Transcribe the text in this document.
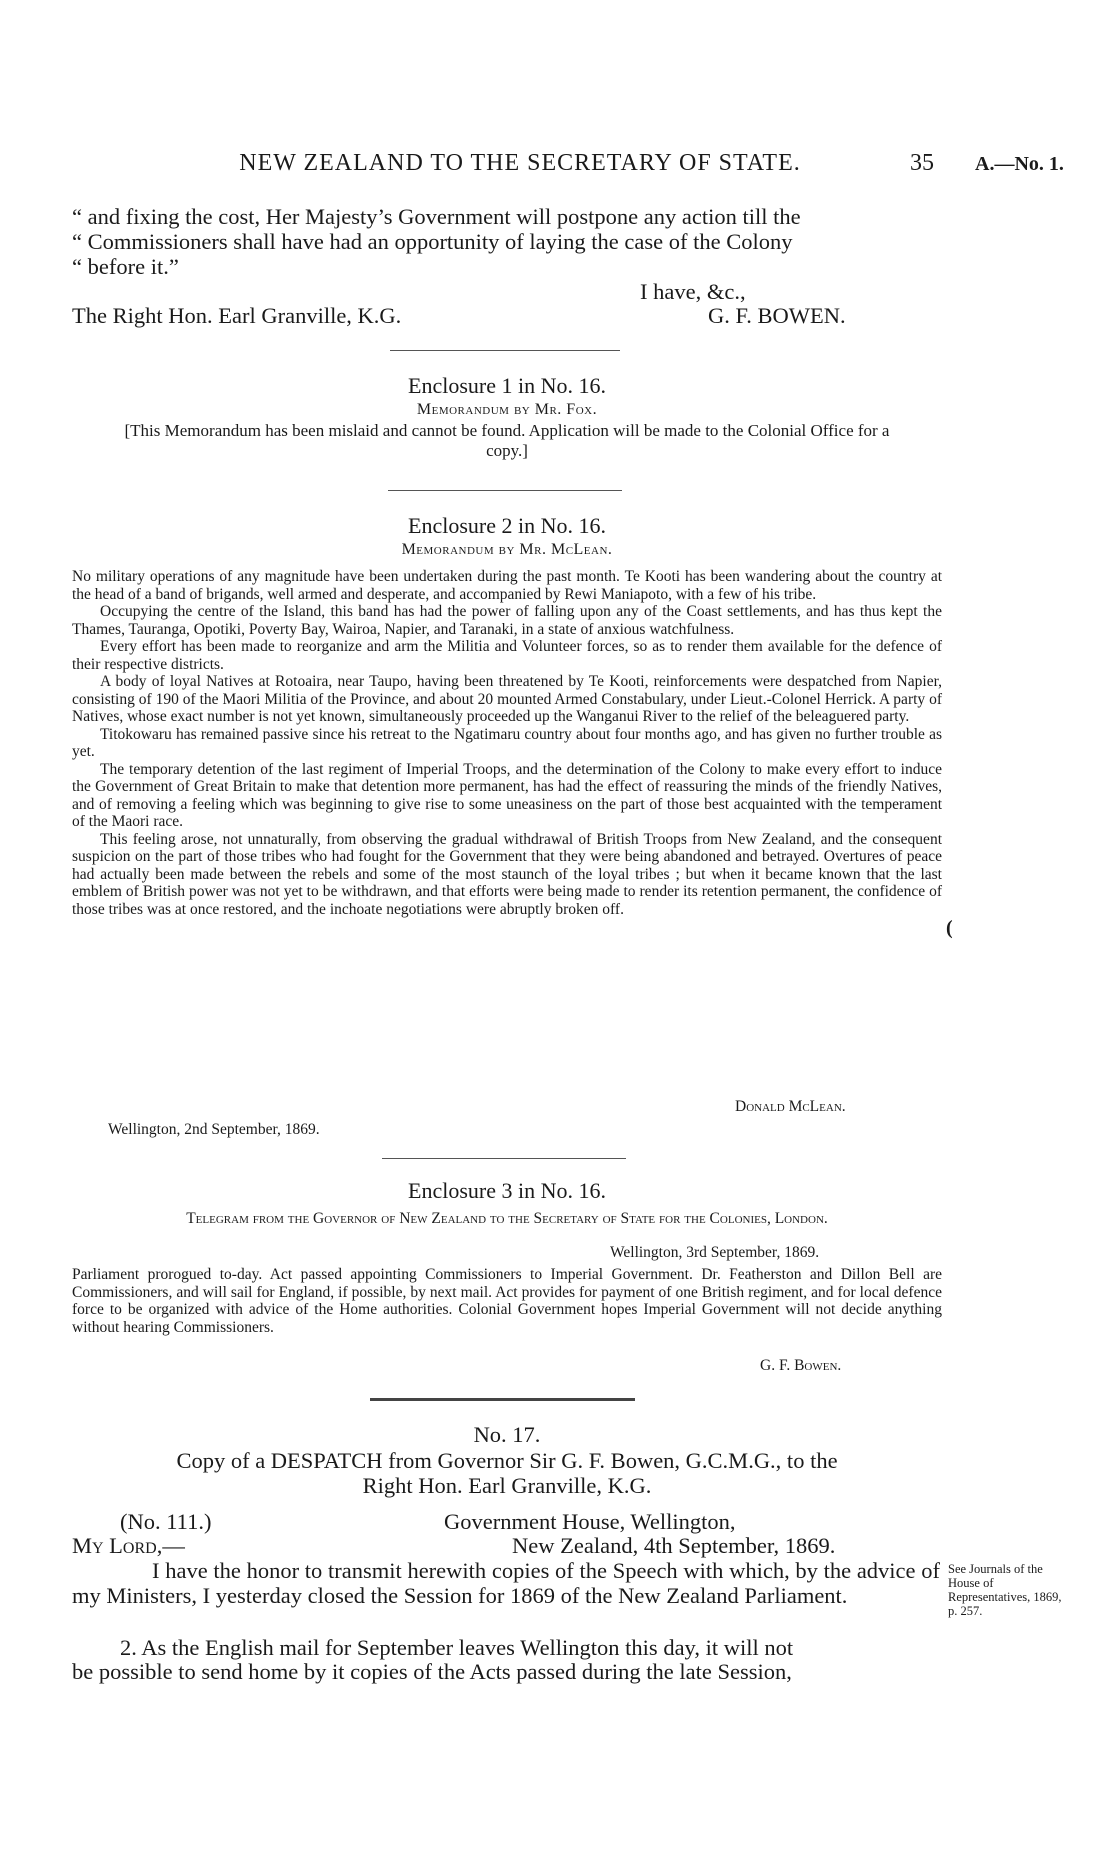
NEW ZEALAND TO THE SECRETARY OF STATE.	35 A.—No. 1.

“ and fixing the cost, Her Majesty’s Government will postpone any action till the

“ Commissioners shall have had an opportunity of laying the case of the Colony

“ before it.”

I have, &c.,
The Right Hon. Earl Granville, K.G.	G. F. BOWEN.
Enclosure 1 in No. 16.
Memorandum by Mr. Fox.
[This Memorandum has been mislaid and cannot be found. Application will be made to the Colonial Office for a copy.]
Enclosure 2 in No. 16.
Memorandum by Mr. McLean.

No military operations of any magnitude have been undertaken during the past month. Te Kooti has been wandering about the country at the head of a band of brigands, well armed and desperate, and accompanied by Rewi Maniapoto, with a few of his tribe.

Occupying the centre of the Island, this band has had the power of falling upon any of the Coast settlements, and has thus kept the Thames, Tauranga, Opotiki, Poverty Bay, Wairoa, Napier, and Taranaki, in a state of anxious watchfulness.

Every effort has been made to reorganize and arm the Militia and Volunteer forces, so as to render them available for the defence of their respective districts.

A body of loyal Natives at Rotoaira, near Taupo, having been threatened by Te Kooti, reinforcements were despatched from Napier, consisting of 190 of the Maori Militia of the Province, and about 20 mounted Armed Constabulary, under Lieut.-Colonel Herrick. A party of Natives, whose exact number is not yet known, simultaneously proceeded up the Wanganui River to the relief of the beleaguered party.

Titokowaru has remained passive since his retreat to the Ngatimaru country about four months ago, and has given no further trouble as yet.

The temporary detention of the last regiment of Imperial Troops, and the determination of the Colony to make every effort to induce the Government of Great Britain to make that detention more permanent, has had the effect of reassuring the minds of the friendly Natives, and of removing a feeling which was beginning to give rise to some uneasiness on the part of those best acquainted with the temperament of the Maori race.

This feeling arose, not unnaturally, from observing the gradual withdrawal of British Troops from New Zealand, and the consequent suspicion on the part of those tribes who had fought for the Government that they were being abandoned and betrayed. Overtures of peace had actually been made between the rebels and some of the most staunch of the loyal tribes ; but when it became known that the last emblem of British power was not yet to be withdrawn, and that efforts were being made to render its retention permanent, the confidence of those tribes was at once restored, and the inchoate negotiations were abruptly broken off.

(
Donald McLean.
Wellington, 2nd September, 1869.
Enclosure 3 in No. 16.
Telegram from the Governor of New Zealand to the Secretary of State for the Colonies, London.
Wellington, 3rd September, 1869.
Parliament prorogued to-day. Act passed appointing Commissioners to Imperial Government. Dr. Featherston and Dillon Bell are Commissioners, and will sail for England, if possible, by next mail. Act provides for payment of one British regiment, and for local defence force to be organized with advice of the Home authorities. Colonial Government hopes Imperial Government will not decide anything without hearing Commissioners.
G. F. Bowen.
No. 17.
Copy of a DESPATCH from Governor Sir G. F. Bowen, G.C.M.G., to the
Right Hon. Earl Granville, K.G.
(No. 111.)	Government House, Wellington,
My Lord,—	New Zealand, 4th September, 1869.

I have the honor to transmit herewith copies of the Speech with which, by the advice of my Ministers, I yesterday closed the Session for 1869 of the New Zealand Parliament.

2. As the English mail for September leaves Wellington this day, it will not
be possible to send home by it copies of the Acts passed during the late Session,
See Journals of the House of Representatives, 1869, p. 257.
